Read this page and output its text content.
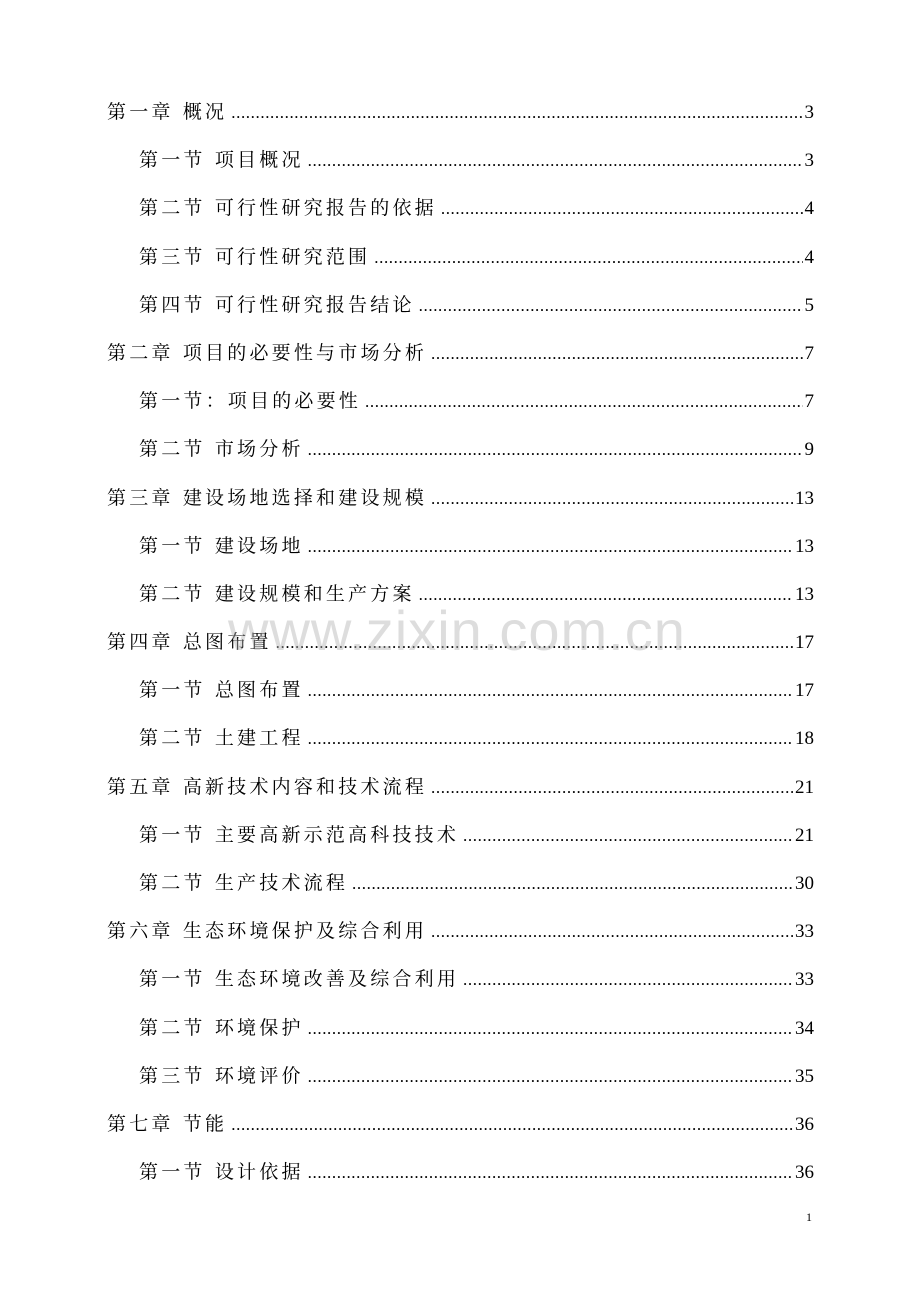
第一章 概况 .....	3
第一节 项目概况 .....	3
第二节 可行性研究报告的依据 .....	4
第三节 可行性研究范围 .....	4
第四节 可行性研究报告结论 .....	5
第二章 项目的必要性与市场分析 .....	7
第一节：项目的必要性 .....	7
第二节 市场分析 .....	9
第三章 建设场地选择和建设规模 .....	13
第一节 建设场地 .....	13
第二节 建设规模和生产方案 .....	13
第四章 总图布置 .....	17
第一节 总图布置 .....	17
第二节 土建工程 .....	18
第五章 高新技术内容和技术流程 .....	21
第一节 主要高新示范高科技技术 .....	21
第二节 生产技术流程 .....	30
第六章 生态环境保护及综合利用 .....	33
第一节 生态环境改善及综合利用 .....	33
第二节 环境保护 .....	34
第三节 环境评价 .....	35
第七章 节能 .....	36
第一节 设计依据 .....	36
www.zixin.com.cn
1
